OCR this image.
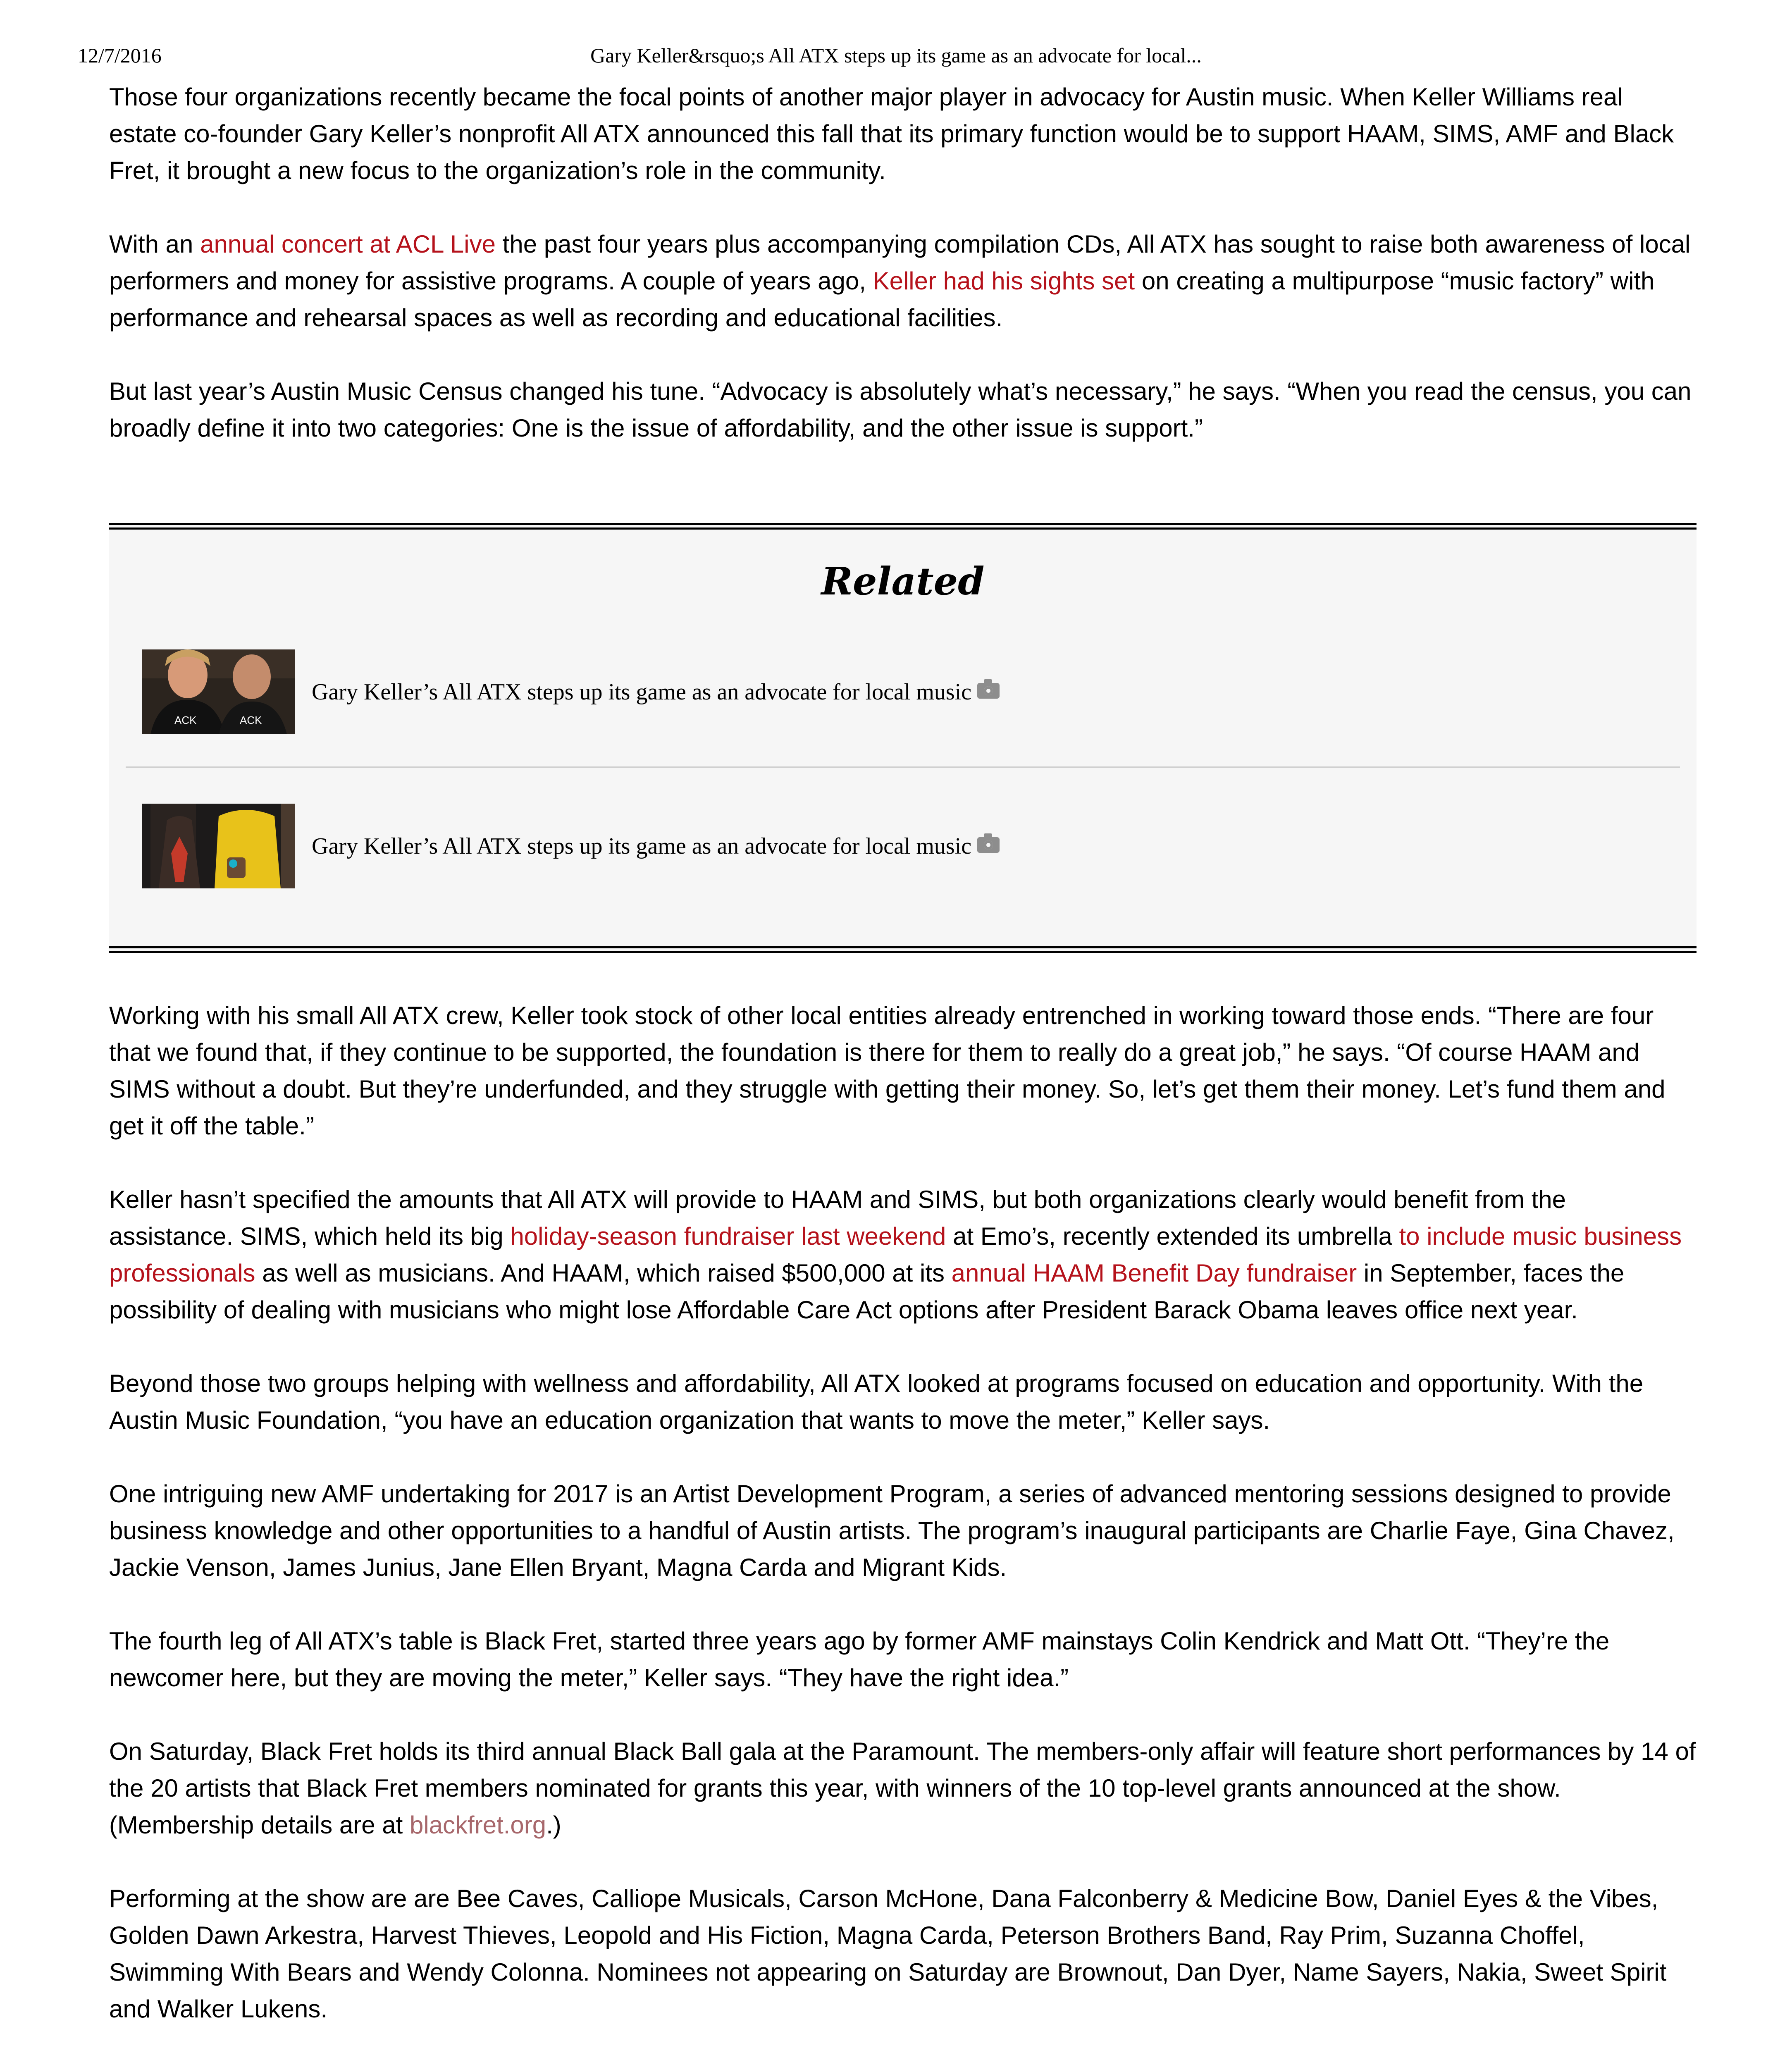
12/7/2016	Gary Keller&rsquo;s All ATX steps up its game as an advocate for local...

Those four organizations recently became the focal points of another major player in advocacy for Austin music. When Keller Williams real estate co-founder Gary Keller’s nonprofit All ATX announced this fall that its primary function would be to support HAAM, SIMS, AMF and Black Fret, it brought a new focus to the organization’s role in the community.

With an annual concert at ACL Live the past four years plus accompanying compilation CDs, All ATX has sought to raise both awareness of local performers and money for assistive programs. A couple of years ago, Keller had his sights set on creating a multipurpose “music factory” with performance and rehearsal spaces as well as recording and educational facilities.

But last year’s Austin Music Census changed his tune. “Advocacy is absolutely what’s necessary,” he says. “When you read the census, you can broadly define it into two categories: One is the issue of affordability, and the other issue is support.”

Related
ACK	ACK
Gary Keller’s All ATX steps up its game as an advocate for local music
Gary Keller’s All ATX steps up its game as an advocate for local music

Working with his small All ATX crew, Keller took stock of other local entities already entrenched in working toward those ends. “There are four that we found that, if they continue to be supported, the foundation is there for them to really do a great job,” he says. “Of course HAAM and SIMS without a doubt. But they’re underfunded, and they struggle with getting their money. So, let’s get them their money. Let’s fund them and get it off the table.”

Keller hasn’t specified the amounts that All ATX will provide to HAAM and SIMS, but both organizations clearly would benefit from the assistance. SIMS, which held its big holiday-season fundraiser last weekend at Emo’s, recently extended its umbrella to include music business professionals as well as musicians. And HAAM, which raised $500,000 at its annual HAAM Benefit Day fundraiser in September, faces the possibility of dealing with musicians who might lose Affordable Care Act options after President Barack Obama leaves office next year.

Beyond those two groups helping with wellness and affordability, All ATX looked at programs focused on education and opportunity. With the Austin Music Foundation, “you have an education organization that wants to move the meter,” Keller says.

One intriguing new AMF undertaking for 2017 is an Artist Development Program, a series of advanced mentoring sessions designed to provide business knowledge and other opportunities to a handful of Austin artists. The program’s inaugural participants are Charlie Faye, Gina Chavez, Jackie Venson, James Junius, Jane Ellen Bryant, Magna Carda and Migrant Kids.

The fourth leg of All ATX’s table is Black Fret, started three years ago by former AMF mainstays Colin Kendrick and Matt Ott. “They’re the newcomer here, but they are moving the meter,” Keller says. “They have the right idea.”

On Saturday, Black Fret holds its third annual Black Ball gala at the Paramount. The members-only affair will feature short performances by 14 of the 20 artists that Black Fret members nominated for grants this year, with winners of the 10 top-level grants announced at the show. (Membership details are at blackfret.org.)

Performing at the show are are Bee Caves, Calliope Musicals, Carson McHone, Dana Falconberry & Medicine Bow, Daniel Eyes & the Vibes, Golden Dawn Arkestra, Harvest Thieves, Leopold and His Fiction, Magna Carda, Peterson Brothers Band, Ray Prim, Suzanna Choffel, Swimming With Bears and Wendy Colonna. Nominees not appearing on Saturday are Brownout, Dan Dyer, Name Sayers, Nakia, Sweet Spirit and Walker Lukens.
